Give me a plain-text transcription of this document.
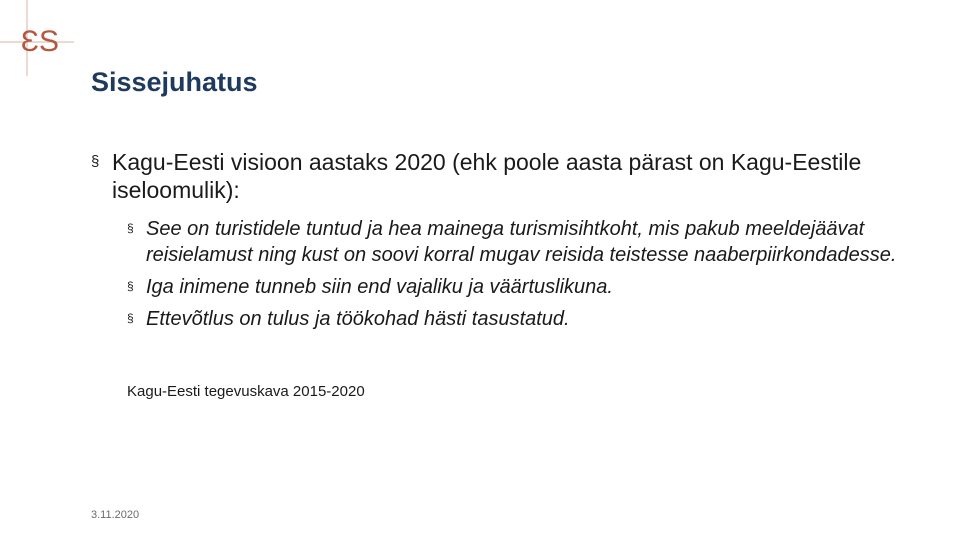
ƐS
Sissejuhatus
§ Kagu-Eesti visioon aastaks 2020 (ehk poole aasta pärast on Kagu-Eestile iseloomulik):
§ See on turistidele tuntud ja hea mainega turismisihtkoht, mis pakub meeldejäävat reisielamust ning kust on soovi korral mugav reisida teistesse naaberpiirkondadesse.
§ Iga inimene tunneb siin end vajaliku ja väärtuslikuna.
§ Ettevõtlus on tulus ja töökohad hästi tasustatud.
Kagu-Eesti tegevuskava 2015-2020
3.11.2020
